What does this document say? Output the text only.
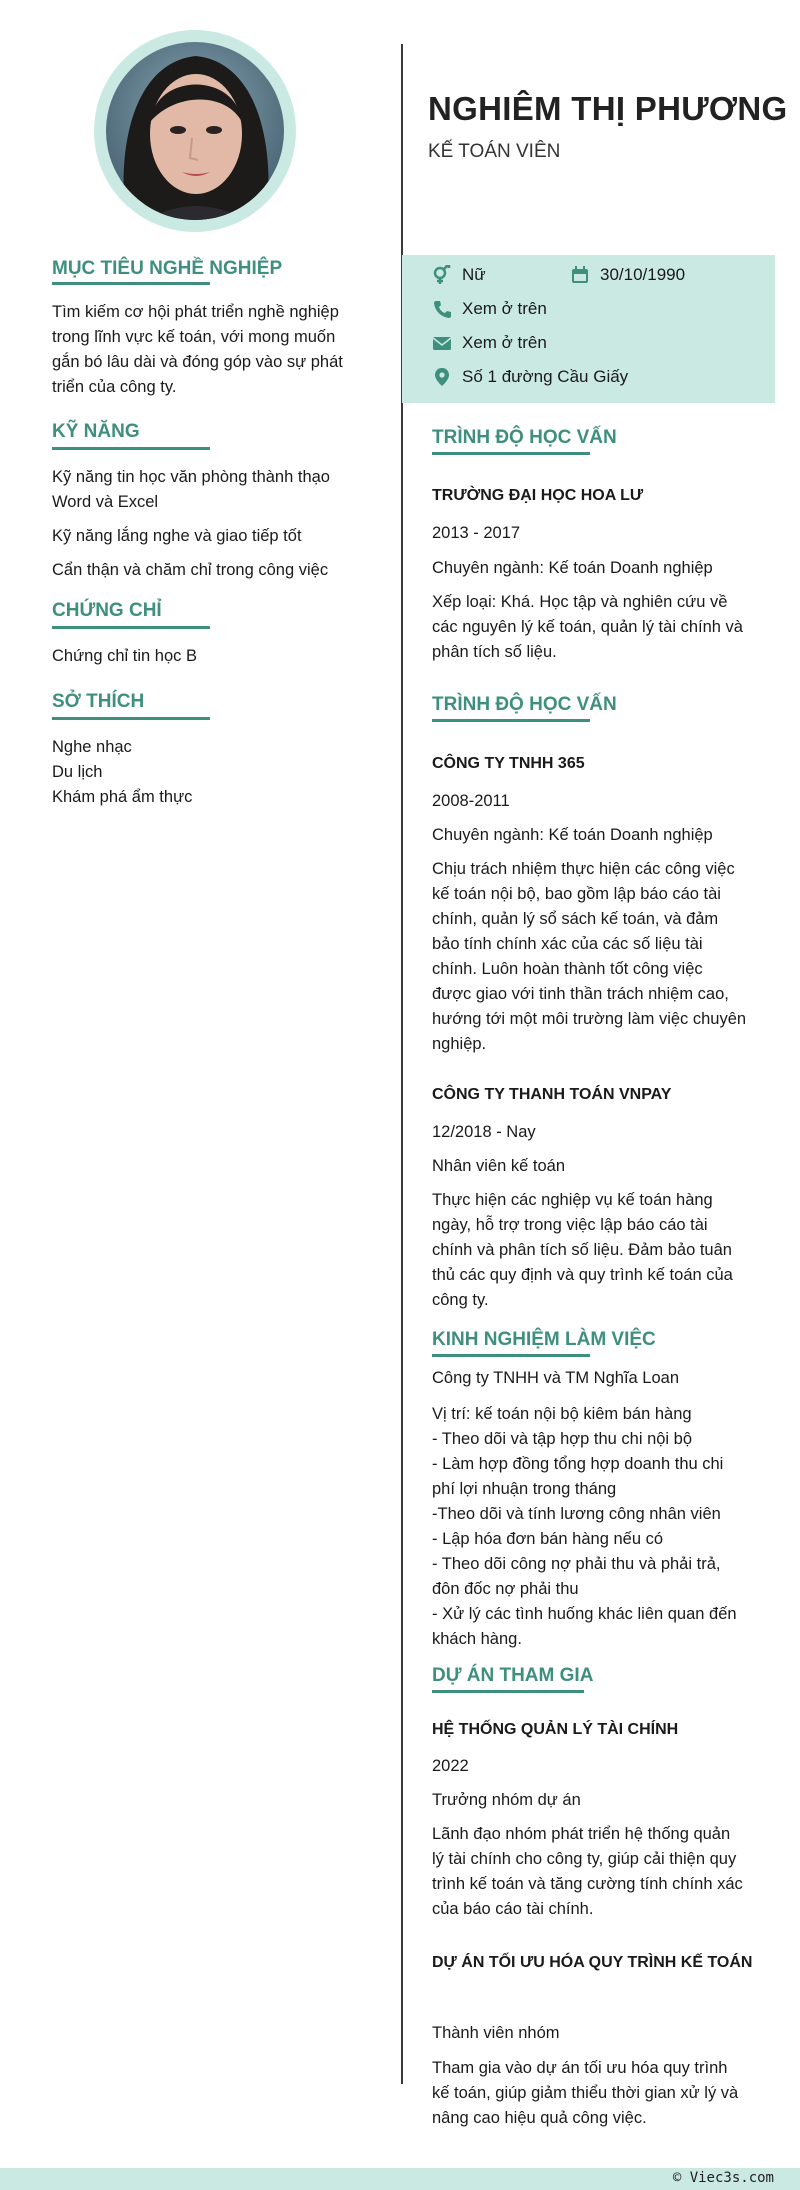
NGHIÊM THỊ PHƯƠNG
KẾ TOÁN VIÊN
Nữ	30/10/1990
Xem ở trên
Xem ở trên
Số 1 đường Cầu Giấy
MỤC TIÊU NGHỀ NGHIỆP
Tìm kiếm cơ hội phát triển nghề nghiệp
trong lĩnh vực kế toán, với mong muốn
gắn bó lâu dài và đóng góp vào sự phát
triển của công ty.
KỸ NĂNG
Kỹ năng tin học văn phòng thành thạo
Word và Excel
Kỹ năng lắng nghe và giao tiếp tốt
Cẩn thận và chăm chỉ trong công việc
CHỨNG CHỈ
Chứng chỉ tin học B
SỞ THÍCH
Nghe nhạc
Du lịch
Khám phá ẩm thực
TRÌNH ĐỘ HỌC VẤN
TRƯỜNG ĐẠI HỌC HOA LƯ
2013 - 2017
Chuyên ngành: Kế toán Doanh nghiệp
Xếp loại: Khá. Học tập và nghiên cứu về
các nguyên lý kế toán, quản lý tài chính và
phân tích số liệu.
TRÌNH ĐỘ HỌC VẤN
CÔNG TY TNHH 365
2008-2011
Chuyên ngành: Kế toán Doanh nghiệp
Chịu trách nhiệm thực hiện các công việc
kế toán nội bộ, bao gồm lập báo cáo tài
chính, quản lý sổ sách kế toán, và đảm
bảo tính chính xác của các số liệu tài
chính. Luôn hoàn thành tốt công việc
được giao với tinh thần trách nhiệm cao,
hướng tới một môi trường làm việc chuyên
nghiệp.
CÔNG TY THANH TOÁN VNPAY
12/2018 - Nay
Nhân viên kế toán
Thực hiện các nghiệp vụ kế toán hàng
ngày, hỗ trợ trong việc lập báo cáo tài
chính và phân tích số liệu. Đảm bảo tuân
thủ các quy định và quy trình kế toán của
công ty.
KINH NGHIỆM LÀM VIỆC
Công ty TNHH và TM Nghĩa Loan
Vị trí: kế toán nội bộ kiêm bán hàng
- Theo dõi và tập hợp thu chi nội bộ
- Làm hợp đồng tổng hợp doanh thu chi
phí lợi nhuận trong tháng
-Theo dõi và tính lương công nhân viên
- Lập hóa đơn bán hàng nếu có
- Theo dõi công nợ phải thu và phải trả,
đôn đốc nợ phải thu
- Xử lý các tình huống khác liên quan đến
khách hàng.
DỰ ÁN THAM GIA
HỆ THỐNG QUẢN LÝ TÀI CHÍNH
2022
Trưởng nhóm dự án
Lãnh đạo nhóm phát triển hệ thống quản
lý tài chính cho công ty, giúp cải thiện quy
trình kế toán và tăng cường tính chính xác
của báo cáo tài chính.
DỰ ÁN TỐI ƯU HÓA QUY TRÌNH KẾ TOÁN
Thành viên nhóm
Tham gia vào dự án tối ưu hóa quy trình
kế toán, giúp giảm thiểu thời gian xử lý và
nâng cao hiệu quả công việc.
© Viec3s.com
